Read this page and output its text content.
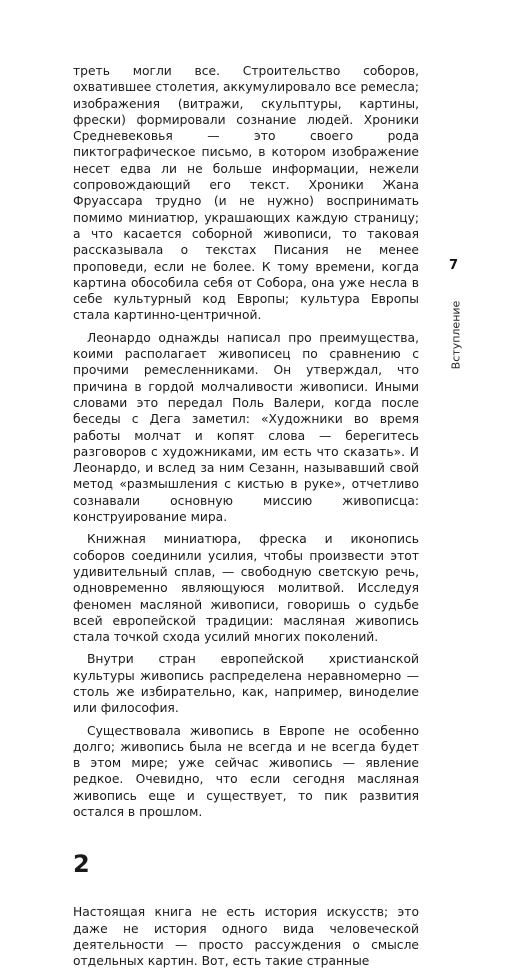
треть могли все. Строительство соборов, охватившее столетия, аккумулировало все ремесла; изображения (витражи, скульптуры, картины, фрески) формировали сознание людей. Хроники Средневековья — это своего рода пиктографическое письмо, в котором изображение несет едва ли не больше информации, нежели сопровождающий его текст. Хроники Жана Фруассара трудно (и не нужно) воспринимать помимо миниатюр, украшающих каждую страницу; а что касается соборной живописи, то таковая рассказывала о текстах Писания не менее проповеди, если не более. К тому времени, когда картина обособила себя от Собора, она уже несла в себе культурный код Европы; культура Европы стала картинно-центричной.

Леонардо однажды написал про преимущества, коими располагает живописец по сравнению с прочими ремесленниками. Он утверждал, что причина в гордой молчаливости живописи. Иными словами это передал Поль Валери, когда после беседы с Дега заметил: «Художники во время работы молчат и копят слова — берегитесь разговоров с художниками, им есть что сказать». И Леонардо, и вслед за ним Сезанн, называвший свой метод «размышления с кистью в руке», отчетливо сознавали основную миссию живописца: конструирование мира.

Книжная миниатюра, фреска и иконопись соборов соединили усилия, чтобы произвести этот удивительный сплав, — свободную светскую речь, одновременно являющуюся молитвой. Исследуя феномен масляной живописи, говоришь о судьбе всей европейской традиции: масляная живопись стала точкой схода усилий многих поколений.

Внутри стран европейской христианской культуры живопись распределена неравномерно — столь же избирательно, как, например, виноделие или философия.

Существовала живопись в Европе не особенно долго; живопись была не всегда и не всегда будет в этом мире; уже сейчас живопись — явление редкое. Очевидно, что если сегодня масляная живопись еще и существует, то пик развития остался в прошлом.

2

Настоящая книга не есть история искусств; это даже не история одного вида человеческой деятельности — просто рассуждения о смысле отдельных картин. Вот, есть такие странные

7
Вступление
